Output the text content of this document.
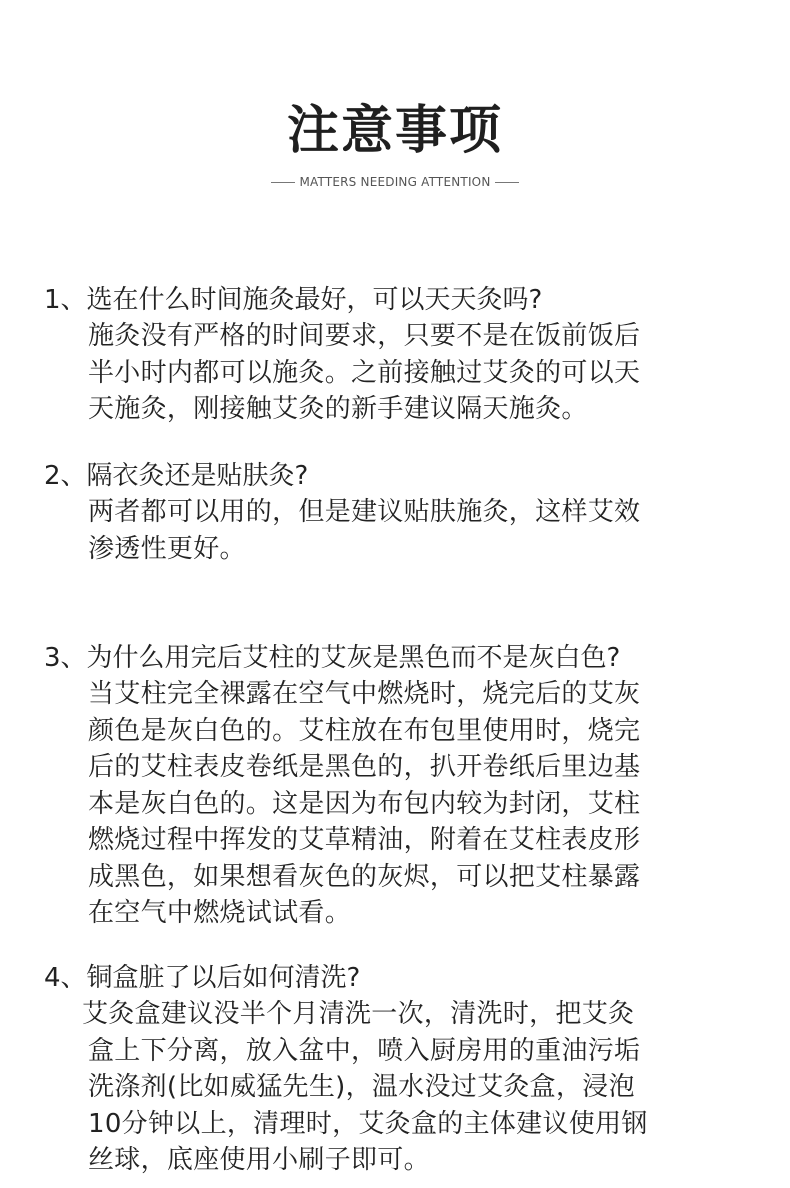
注意事项
MATTERS NEEDING ATTENTION
1、选在什么时间施灸最好，可以天天灸吗?
施灸没有严格的时间要求，只要不是在饭前饭后
半小时内都可以施灸。之前接触过艾灸的可以天
天施灸，刚接触艾灸的新手建议隔天施灸。
2、隔衣灸还是贴肤灸?
两者都可以用的，但是建议贴肤施灸，这样艾效
渗透性更好。
3、为什么用完后艾柱的艾灰是黑色而不是灰白色?
当艾柱完全裸露在空气中燃烧时，烧完后的艾灰
颜色是灰白色的。艾柱放在布包里使用时，烧完
后的艾柱表皮卷纸是黑色的，扒开卷纸后里边基
本是灰白色的。这是因为布包内较为封闭，艾柱
燃烧过程中挥发的艾草精油，附着在艾柱表皮形
成黑色，如果想看灰色的灰烬，可以把艾柱暴露
在空气中燃烧试试看。
4、铜盒脏了以后如何清洗?
艾灸盒建议没半个月清洗一次，清洗时，把艾灸
盒上下分离，放入盆中，喷入厨房用的重油污垢
洗涤剂(比如威猛先生)，温水没过艾灸盒，浸泡
10分钟以上，清理时，艾灸盒的主体建议使用钢
丝球，底座使用小刷子即可。
